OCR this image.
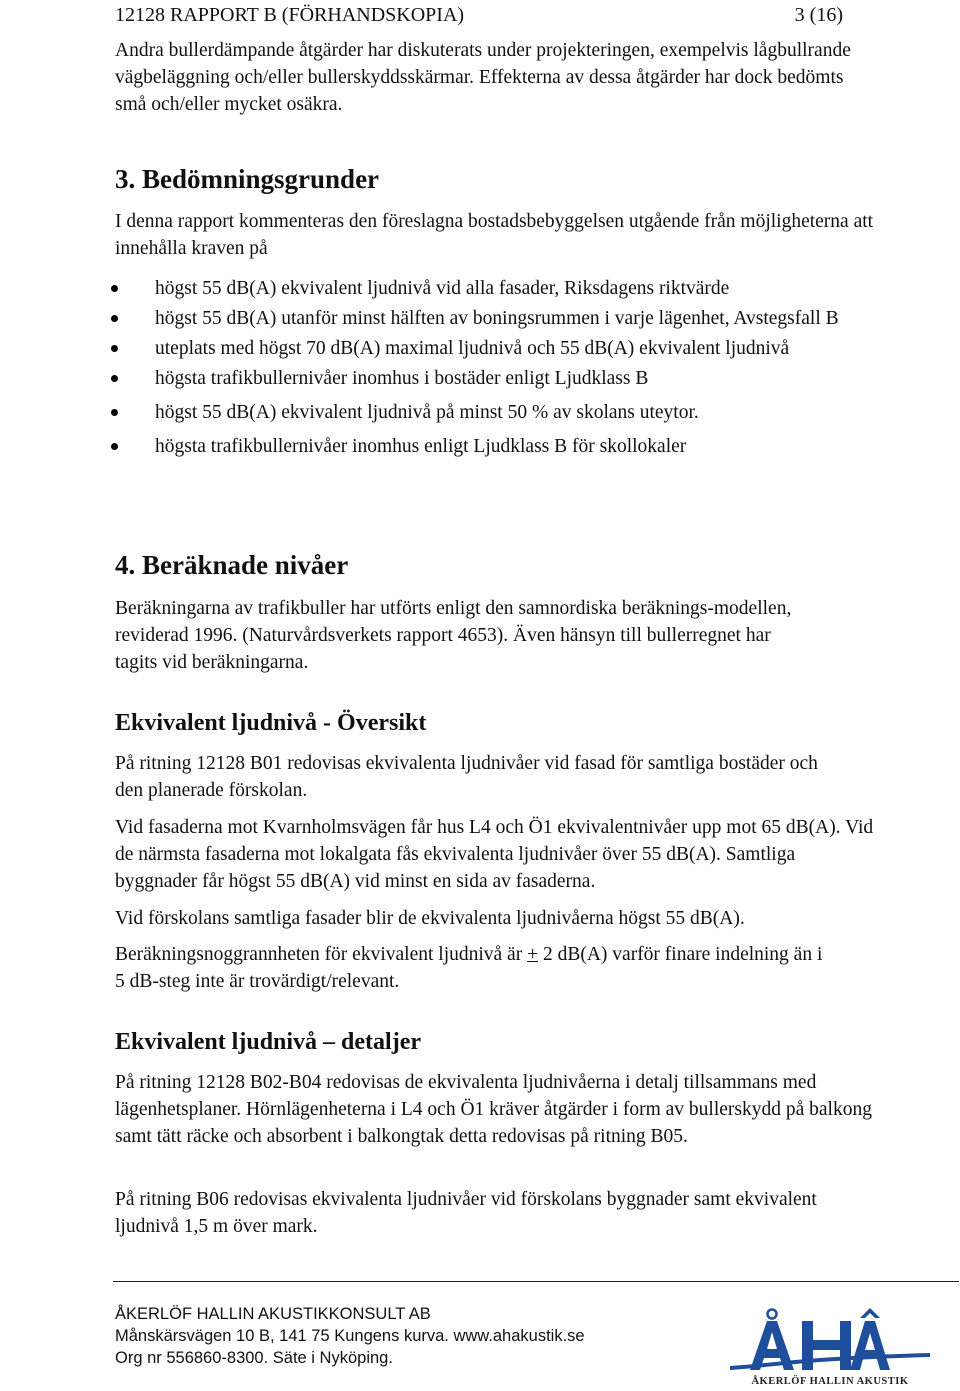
12128 RAPPORT B (FÖRHANDSKOPIA)	3 (16)

Andra bullerdämpande åtgärder har diskuterats under projekteringen, exempelvis lågbullrande vägbeläggning och/eller bullerskyddsskärmar. Effekterna av dessa åtgärder har dock bedömts små och/eller mycket osäkra.

3. Bedömningsgrunder

I denna rapport kommenteras den föreslagna bostadsbebyggelsen utgående från möjligheterna att innehålla kraven på

högst 55 dB(A) ekvivalent ljudnivå vid alla fasader, Riksdagens riktvärde
högst 55 dB(A) utanför minst hälften av boningsrummen i varje lägenhet, Avstegsfall B
uteplats med högst 70 dB(A) maximal ljudnivå och 55 dB(A) ekvivalent ljudnivå
högsta trafikbullernivåer inomhus i bostäder enligt Ljudklass B
högst 55 dB(A) ekvivalent ljudnivå på minst 50 % av skolans uteytor.
högsta trafikbullernivåer inomhus enligt Ljudklass B för skollokaler
4. Beräknade nivåer

Beräkningarna av trafikbuller har utförts enligt den samnordiska beräknings-modellen, reviderad 1996. (Naturvårdsverkets rapport 4653). Även hänsyn till bullerregnet har tagits vid beräkningarna.

Ekvivalent ljudnivå - Översikt

På ritning 12128 B01 redovisas ekvivalenta ljudnivåer vid fasad för samtliga bostäder och den planerade förskolan.

Vid fasaderna mot Kvarnholmsvägen får hus L4 och Ö1 ekvivalentnivåer upp mot 65 dB(A). Vid de närmsta fasaderna mot lokalgata fås ekvivalenta ljudnivåer över 55 dB(A). Samtliga byggnader får högst 55 dB(A) vid minst en sida av fasaderna.

Vid förskolans samtliga fasader blir de ekvivalenta ljudnivåerna högst 55 dB(A).

Beräkningsnoggrannheten för ekvivalent ljudnivå är + 2 dB(A) varför finare indelning än i 5 dB-steg inte är trovärdigt/relevant.

Ekvivalent ljudnivå – detaljer

På ritning 12128 B02-B04 redovisas de ekvivalenta ljudnivåerna i detalj tillsammans med lägenhetsplaner. Hörnlägenheterna i L4 och Ö1 kräver åtgärder i form av bullerskydd på balkong samt tätt räcke och absorbent i balkongtak detta redovisas på ritning B05.

På ritning B06 redovisas ekvivalenta ljudnivåer vid förskolans byggnader samt ekvivalent ljudnivå 1,5 m över mark.

ÅKERLÖF HALLIN AKUSTIKKONSULT AB
Månskärsvägen 10 B, 141 75 Kungens kurva. www.ahakustik.se
Org nr 556860-8300. Säte i Nyköping.
ÅKERLÖF HALLIN AKUSTIK
